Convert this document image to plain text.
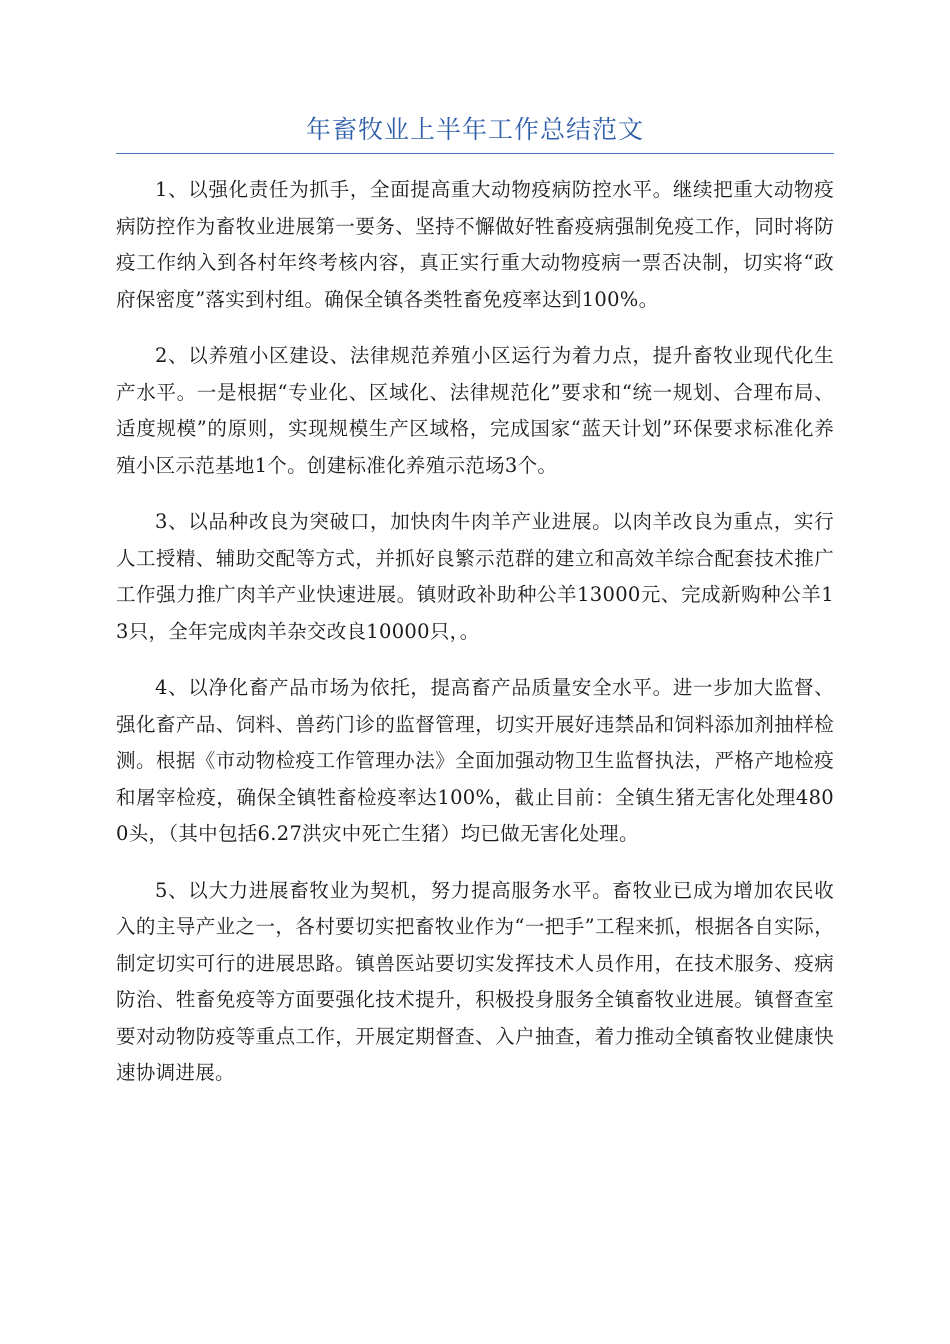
年畜牧业上半年工作总结范文

1、以强化责任为抓手，全面提高重大动物疫病防控水平。继续把重大动物疫病防控作为畜牧业进展第一要务、坚持不懈做好牲畜疫病强制免疫工作，同时将防疫工作纳入到各村年终考核内容，真正实行重大动物疫病一票否决制，切实将“政府保密度”落实到村组。确保全镇各类牲畜免疫率达到100%。

2、以养殖小区建设、法律规范养殖小区运行为着力点，提升畜牧业现代化生产水平。一是根据“专业化、区域化、法律规范化”要求和“统一规划、合理布局、适度规模”的原则，实现规模生产区域格，完成国家“蓝天计划”环保要求标准化养殖小区示范基地1个。创建标准化养殖示范场3个。

3、以品种改良为突破口，加快肉牛肉羊产业进展。以肉羊改良为重点，实行人工授精、辅助交配等方式，并抓好良繁示范群的建立和高效羊综合配套技术推广工作强力推广肉羊产业快速进展。镇财政补助种公羊13000元、完成新购种公羊13只，全年完成肉羊杂交改良10000只，。

4、以净化畜产品市场为依托，提高畜产品质量安全水平。进一步加大监督、强化畜产品、饲料、兽药门诊的监督管理，切实开展好违禁品和饲料添加剂抽样检测。根据《市动物检疫工作管理办法》全面加强动物卫生监督执法，严格产地检疫和屠宰检疫，确保全镇牲畜检疫率达100%，截止目前：全镇生猪无害化处理4800头，（其中包括6.27洪灾中死亡生猪）均已做无害化处理。

5、以大力进展畜牧业为契机，努力提高服务水平。畜牧业已成为增加农民收入的主导产业之一，各村要切实把畜牧业作为“一把手”工程来抓，根据各自实际，制定切实可行的进展思路。镇兽医站要切实发挥技术人员作用，在技术服务、疫病防治、牲畜免疫等方面要强化技术提升，积极投身服务全镇畜牧业进展。镇督查室要对动物防疫等重点工作，开展定期督查、入户抽查，着力推动全镇畜牧业健康快速协调进展。
